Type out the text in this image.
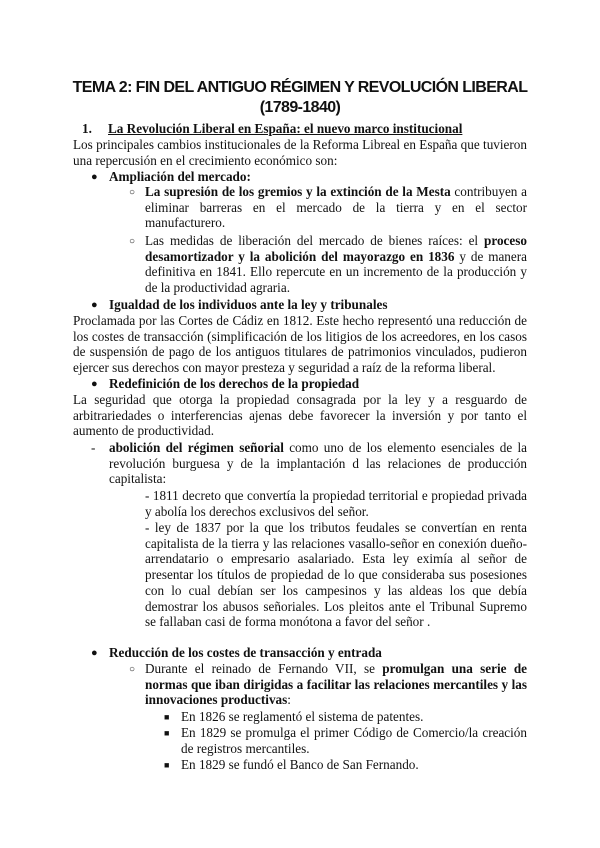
TEMA 2: FIN DEL ANTIGUO RÉGIMEN Y REVOLUCIÓN LIBERAL
(1789-1840)
1. La Revolución Liberal en España: el nuevo marco institucional

Los principales cambios institucionales de la Reforma Libreal en España que tuvieron una repercusión en el crecimiento económico son:

● Ampliación del mercado:
○ La supresión de los gremios y la extinción de la Mesta contribuyen a eliminar barreras en el mercado de la tierra y en el sector manufacturero.

○ Las medidas de liberación del mercado de bienes raíces: el proceso desamortizador y la abolición del mayorazgo en 1836 y de manera definitiva en 1841. Ello repercute en un incremento de la producción y de la productividad agraria.

● Igualdad de los individuos ante la ley y tribunales

Proclamada por las Cortes de Cádiz en 1812. Este hecho representó una reducción de los costes de transacción (simplificación de los litigios de los acreedores, en los casos de suspensión de pago de los antiguos titulares de patrimonios vinculados, pudieron ejercer sus derechos con mayor presteza y seguridad a raíz de la reforma liberal.

● Redefinición de los derechos de la propiedad

La seguridad que otorga la propiedad consagrada por la ley y a resguardo de arbitrariedades o interferencias ajenas debe favorecer la inversión y por tanto el aumento de productividad.

- abolición del régimen señorial como uno de los elemento esenciales de la revolución burguesa y de la implantación d las relaciones de producción capitalista:

- 1811 decreto que convertía la propiedad territorial e propiedad privada y abolía los derechos exclusivos del señor.

- ley de 1837 por la que los tributos feudales se convertían en renta capitalista de la tierra y las relaciones vasallo-señor en conexión dueño-arrendatario o empresario asalariado. Esta ley eximía al señor de presentar los títulos de propiedad de lo que consideraba sus posesiones con lo cual debían ser los campesinos y las aldeas los que debía demostrar los abusos señoriales. Los pleitos ante el Tribunal Supremo se fallaban casi de forma monótona a favor del señor .

● Reducción de los costes de transacción y entrada
○ Durante el reinado de Fernando VII, se promulgan una serie de normas que iban dirigidas a facilitar las relaciones mercantiles y las innovaciones productivas:

■ En 1826 se reglamentó el sistema de patentes.

■ En 1829 se promulga el primer Código de Comercio/la creación de registros mercantiles.

■ En 1829 se fundó el Banco de San Fernando.
